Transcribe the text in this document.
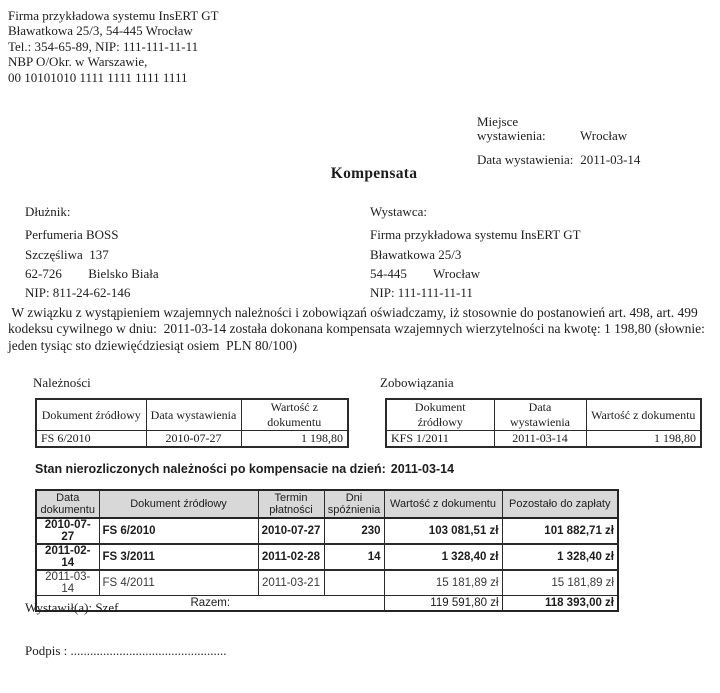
Firma przykładowa systemu InsERT GT
Bławatkowa 25/3, 54-445 Wrocław
Tel.: 354-65-89, NIP: 111-111-11-11
NBP O/Okr. w Warszawie,
00 10101010 1111 1111 1111 1111
Miejsce wystawienia:	Wrocław
Data wystawienia: 2011-03-14
Kompensata
Dłużnik:
Perfumeria BOSS
Szczęśliwa  137
62-726 Bielsko Biała
NIP: 811-24-62-146
Wystawca:
Firma przykładowa systemu InsERT GT
Bławatkowa 25/3
54-445 Wrocław
NIP: 111-111-11-11
W związku z wystąpieniem wzajemnych należności i zobowiązań oświadczamy, iż stosownie do postanowień art. 498, art. 499 kodeksu cywilnego w dniu:  2011-03-14 została dokonana kompensata wzajemnych wierzytelności na kwotę: 1 198,80 (słownie: jeden tysiąc sto dziewięćdziesiąt osiem  PLN 80/100)
Należności
Dokument źródłowy	Data wystawienia	Wartość z dokumentu
FS 6/2010	2010-07-27	1 198,80
Zobowiązania
Dokument źródłowy	Data wystawienia	Wartość z dokumentu
KFS 1/2011	2011-03-14	1 198,80
Stan nierozliczonych należności po kompensacie na dzień: 2011-03-14
Data dokumentu	Dokument źródłowy	Termin płatności	Dni spóźnienia	Wartość z dokumentu	Pozostało do zapłaty
2010-07-27	FS 6/2010	2010-07-27	230	103 081,51 zł	101 882,71 zł
2011-02-14	FS 3/2011	2011-02-28	14	1 328,40 zł	1 328,40 zł
2011-03-14	FS 4/2011	2011-03-21		15 181,89 zł	15 181,89 zł
Razem:				119 591,80 zł	118 393,00 zł
Wystawił(a): Szef
Podpis : ................................................
